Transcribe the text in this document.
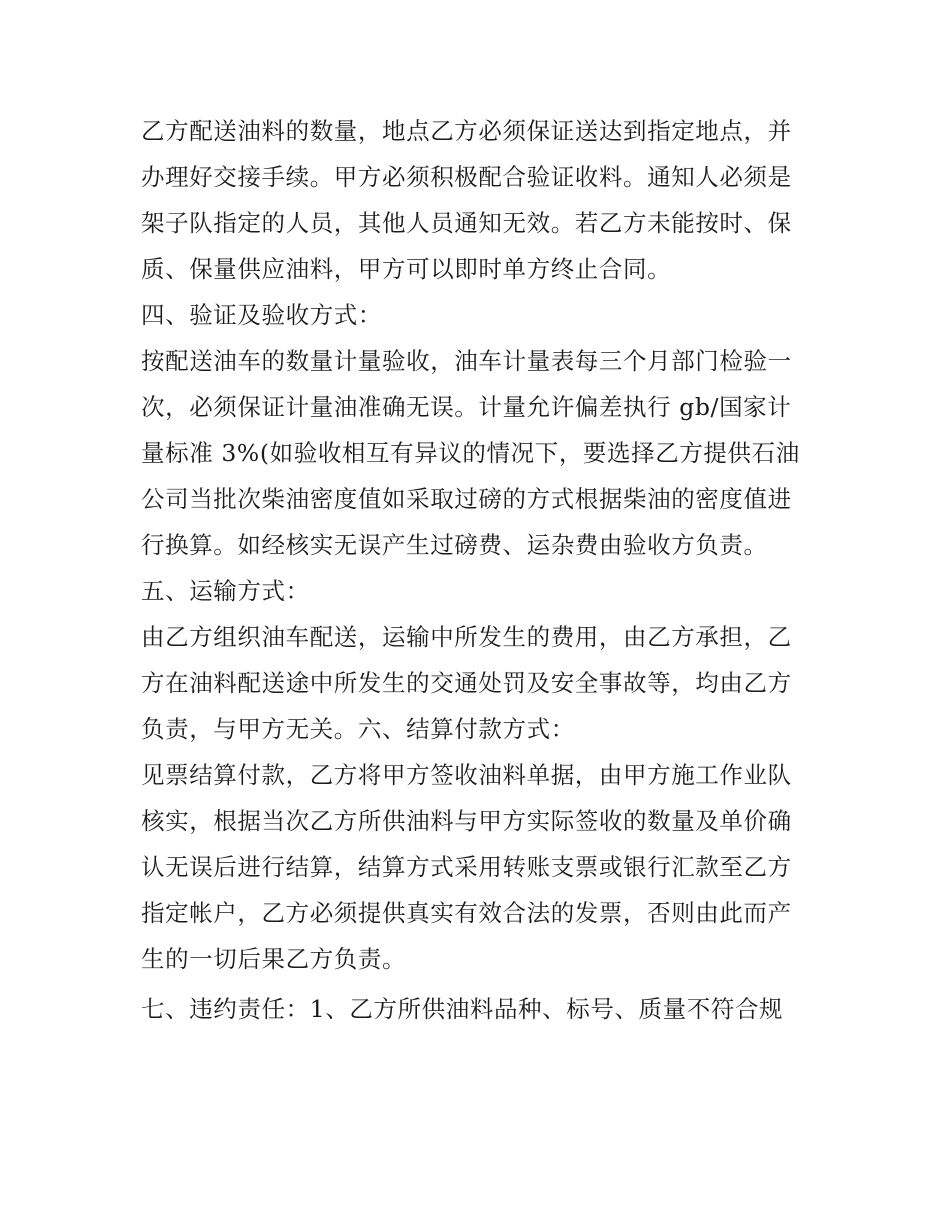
乙方配送油料的数量，地点乙方必须保证送达到指定地点，并
办理好交接手续。甲方必须积极配合验证收料。通知人必须是
架子队指定的人员，其他人员通知无效。若乙方未能按时、保
质、保量供应油料，甲方可以即时单方终止合同。
四、验证及验收方式：
按配送油车的数量计量验收，油车计量表每三个月部门检验一
次，必须保证计量油准确无误。计量允许偏差执行 gb/国家计
量标准 3%(如验收相互有异议的情况下，要选择乙方提供石油
公司当批次柴油密度值如采取过磅的方式根据柴油的密度值进
行换算。如经核实无误产生过磅费、运杂费由验收方负责。
五、运输方式：
由乙方组织油车配送，运输中所发生的费用，由乙方承担，乙
方在油料配送途中所发生的交通处罚及安全事故等，均由乙方
负责，与甲方无关。六、结算付款方式：
见票结算付款，乙方将甲方签收油料单据，由甲方施工作业队
核实，根据当次乙方所供油料与甲方实际签收的数量及单价确
认无误后进行结算，结算方式采用转账支票或银行汇款至乙方
指定帐户，乙方必须提供真实有效合法的发票，否则由此而产
生的一切后果乙方负责。
七、违约责任：1、乙方所供油料品种、标号、质量不符合规
